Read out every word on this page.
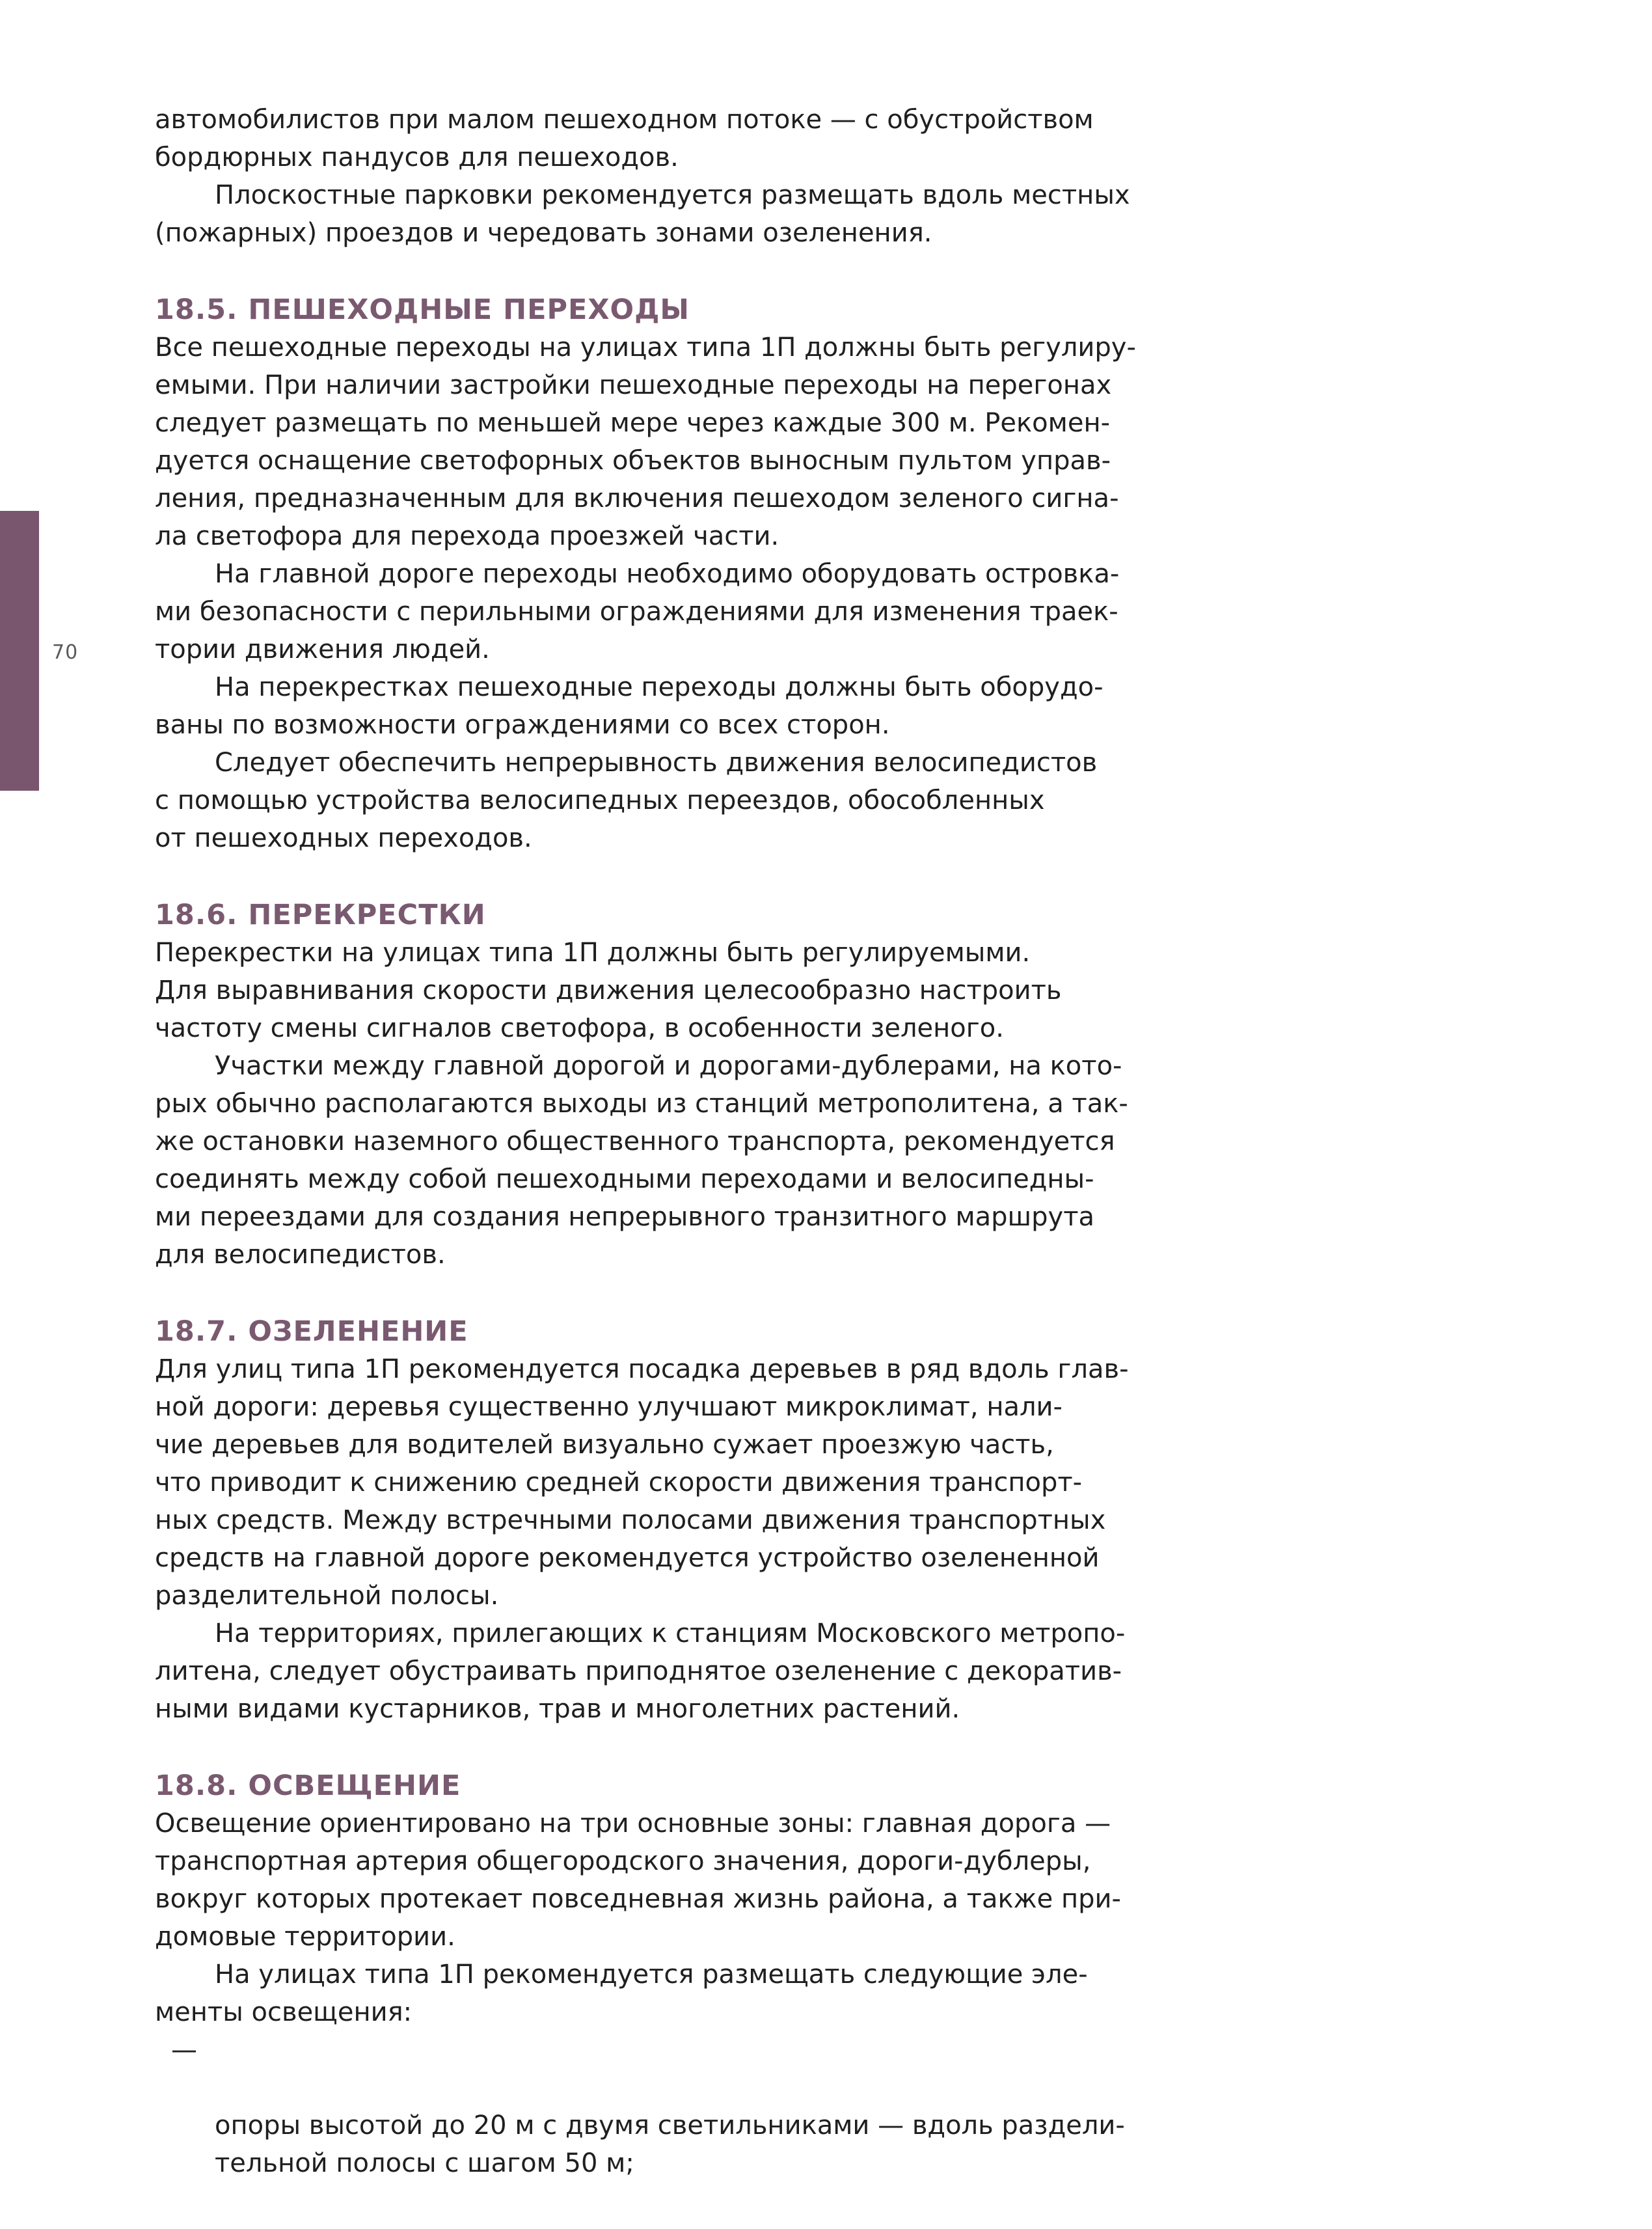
70

автомобилистов при малом пешеходном потоке — с обустройством
бордюрных пандусов для пешеходов.

Плоскостные парковки рекомендуется размещать вдоль местных
(пожарных) проездов и чередовать зонами озеленения.

18.5. ПЕШЕХОДНЫЕ ПЕРЕХОДЫ

Все пешеходные переходы на улицах типа 1П должны быть регулиру-
емыми. При наличии застройки пешеходные переходы на перегонах
следует размещать по меньшей мере через каждые 300 м. Рекомен-
дуется оснащение светофорных объектов выносным пультом управ-
ления, предназначенным для включения пешеходом зеленого сигна-
ла светофора для перехода проезжей части.

На главной дороге переходы необходимо оборудовать островка-
ми безопасности с перильными ограждениями для изменения траек-
тории движения людей.

На перекрестках пешеходные переходы должны быть оборудо-
ваны по возможности ограждениями со всех сторон.

Следует обеспечить непрерывность движения велосипедистов
с помощью устройства велосипедных переездов, обособленных
от пешеходных переходов.

18.6. ПЕРЕКРЕСТКИ

Перекрестки на улицах типа 1П должны быть регулируемыми.
Для выравнивания скорости движения целесообразно настроить
частоту смены сигналов светофора, в особенности зеленого.

Участки между главной дорогой и дорогами-дублерами, на кото-
рых обычно располагаются выходы из станций метрополитена, а так-
же остановки наземного общественного транспорта, рекомендуется
соединять между собой пешеходными переходами и велосипедны-
ми переездами для создания непрерывного транзитного маршрута
для велосипедистов.

18.7. ОЗЕЛЕНЕНИЕ

Для улиц типа 1П рекомендуется посадка деревьев в ряд вдоль глав-
ной дороги: деревья существенно улучшают микроклимат, нали-
чие деревьев для водителей визуально сужает проезжую часть,
что приводит к снижению средней скорости движения транспорт-
ных средств. Между встречными полосами движения транспортных
средств на главной дороге рекомендуется устройство озелененной
разделительной полосы.

На территориях, прилегающих к станциям Московского метропо-
литена, следует обустраивать приподнятое озеленение с декоратив-
ными видами кустарников, трав и многолетних растений.

18.8. ОСВЕЩЕНИЕ

Освещение ориентировано на три основные зоны: главная дорога —
транспортная артерия общегородского значения, дороги-дублеры,
вокруг которых протекает повседневная жизнь района, а также при-
домовые территории.

На улицах типа 1П рекомендуется размещать следующие эле-
менты освещения:

—

опоры высотой до 20 м с двумя светильниками — вдоль раздели-
тельной полосы с шагом 50 м;
